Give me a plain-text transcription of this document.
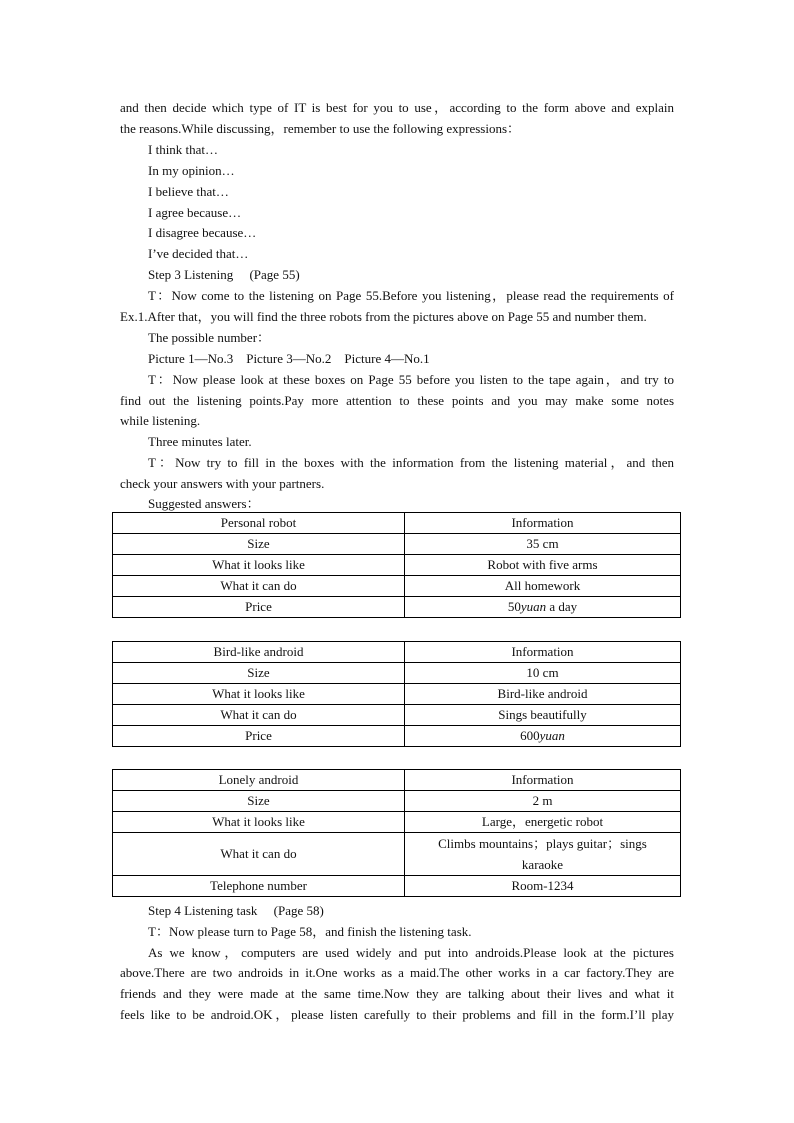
and then decide which type of IT is best for you to use，according to the form above and explain

the reasons.While discussing，remember to use the following expressions：

I think that…

In my opinion…

I believe that…

I agree because…

I disagree because…

I’ve decided that…

Step 3 Listening 　(Page 55)

T：Now come to the listening on Page 55.Before you listening，please read the requirements of

Ex.1.After that，you will find the three robots from the pictures above on Page 55 and number them.

The possible number：

Picture 1—No.3　Picture 3—No.2　Picture 4—No.1

T：Now please look at these boxes on Page 55 before you listen to the tape again，and try to

find out the listening points.Pay more attention to these points and you may make some notes

while listening.

Three minutes later.

T：Now try to fill in the boxes with the information from the listening material，and then

check your answers with your partners.

Suggested answers：

Personal robot	Information
Size	35 cm
What it looks like	Robot with five arms
What it can do	All homework
Price	50yuan a day
Bird-like android	Information
Size	10 cm
What it looks like	Bird-like android
What it can do	Sings beautifully
Price	600yuan
Lonely android	Information
Size	2 m
What it looks like	Large，energetic robot
What it can do	Climbs mountains；plays guitar；sings
karaoke
Telephone number	Room-1234

Step 4 Listening task 　(Page 58)

T：Now please turn to Page 58，and finish the listening task.

As we know，computers are used widely and put into androids.Please look at the pictures

above.There are two androids in it.One works as a maid.The other works in a car factory.They are

friends and they were made at the same time.Now they are talking about their lives and what it

feels like to be android.OK，please listen carefully to their problems and fill in the form.I’ll play
